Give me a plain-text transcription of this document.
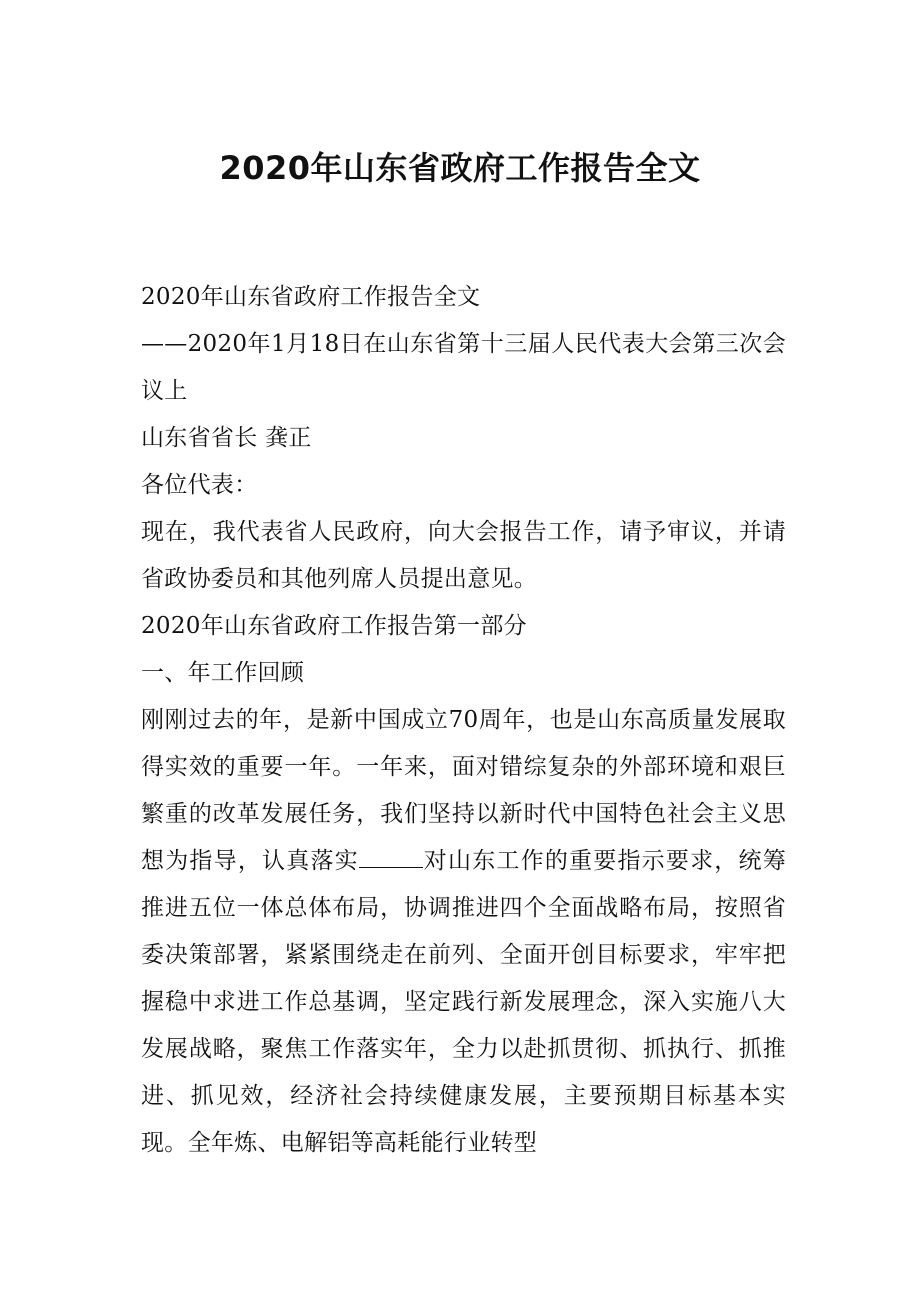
2020年山东省政府工作报告全文

2020年山东省政府工作报告全文

——2020年1月18日在山东省第十三届人民代表大会第三次会议上

山东省省长 龚正

各位代表：

现在，我代表省人民政府，向大会报告工作，请予审议，并请省政协委员和其他列席人员提出意见。

2020年山东省政府工作报告第一部分

一、年工作回顾

刚刚过去的年，是新中国成立70周年，也是山东高质量发展取得实效的重要一年。一年来，面对错综复杂的外部环境和艰巨繁重的改革发展任务，我们坚持以新时代中国特色社会主义思想为指导，认真落实	对山东工作的重要指示要求，统筹推进五位一体总体布局，协调推进四个全面战略布局，按照省委决策部署，紧紧围绕走在前列、全面开创目标要求，牢牢把握稳中求进工作总基调，坚定践行新发展理念，深入实施八大发展战略，聚焦工作落实年，全力以赴抓贯彻、抓执行、抓推进、抓见效，经济社会持续健康发展，主要预期目标基本实现。全年炼、电解铝等高耗能行业转型
